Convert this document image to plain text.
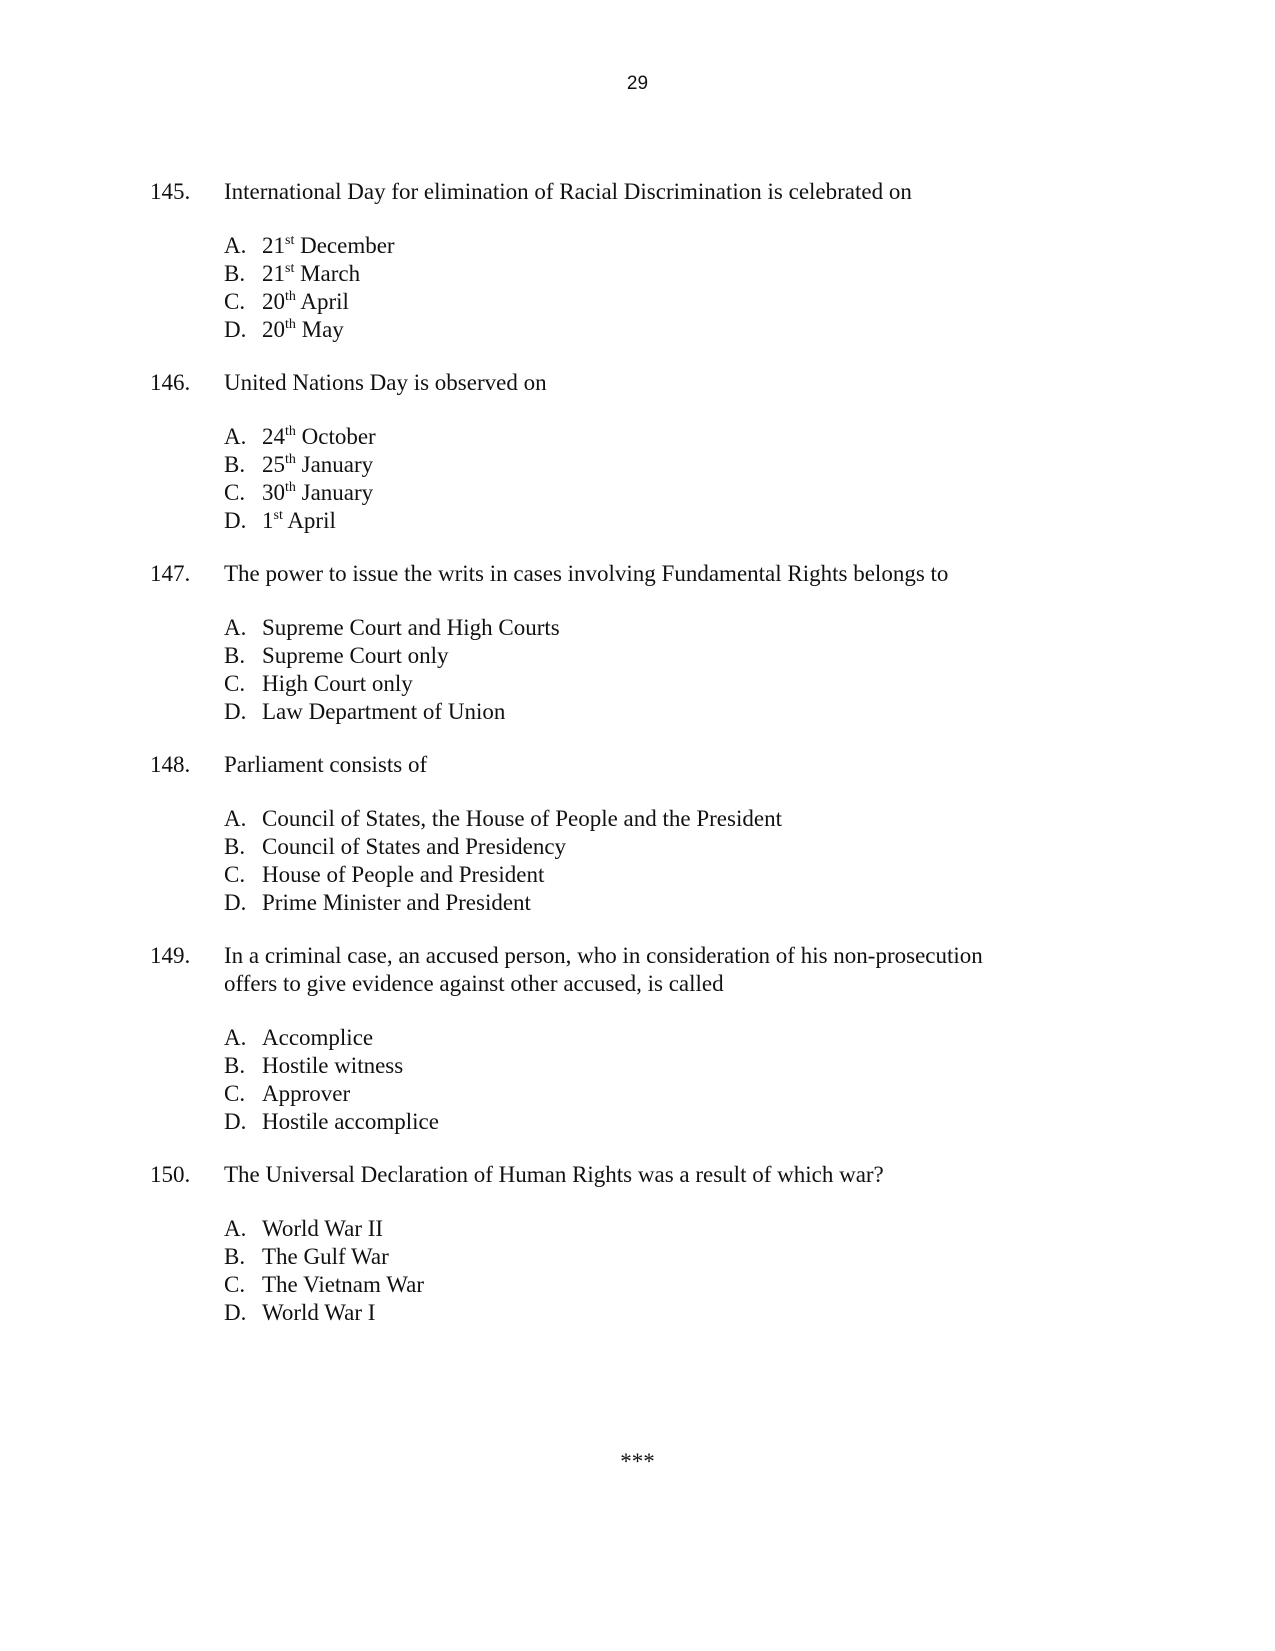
29
145. International Day for elimination of Racial Discrimination is celebrated on
A. 21st December
B. 21st March
C. 20th April
D. 20th May
146. United Nations Day is observed on
A. 24th October
B. 25th January
C. 30th January
D. 1st April
147. The power to issue the writs in cases involving Fundamental Rights belongs to
A. Supreme Court and High Courts
B. Supreme Court only
C. High Court only
D. Law Department of Union
148. Parliament consists of
A. Council of States, the House of People and the President
B. Council of States and Presidency
C. House of People and President
D. Prime Minister and President
149. In a criminal case, an accused person, who in consideration of his non-prosecution
offers to give evidence against other accused, is called
A. Accomplice
B. Hostile witness
C. Approver
D. Hostile accomplice
150. The Universal Declaration of Human Rights was a result of which war?
A. World War II
B. The Gulf War
C. The Vietnam War
D. World War I
***
